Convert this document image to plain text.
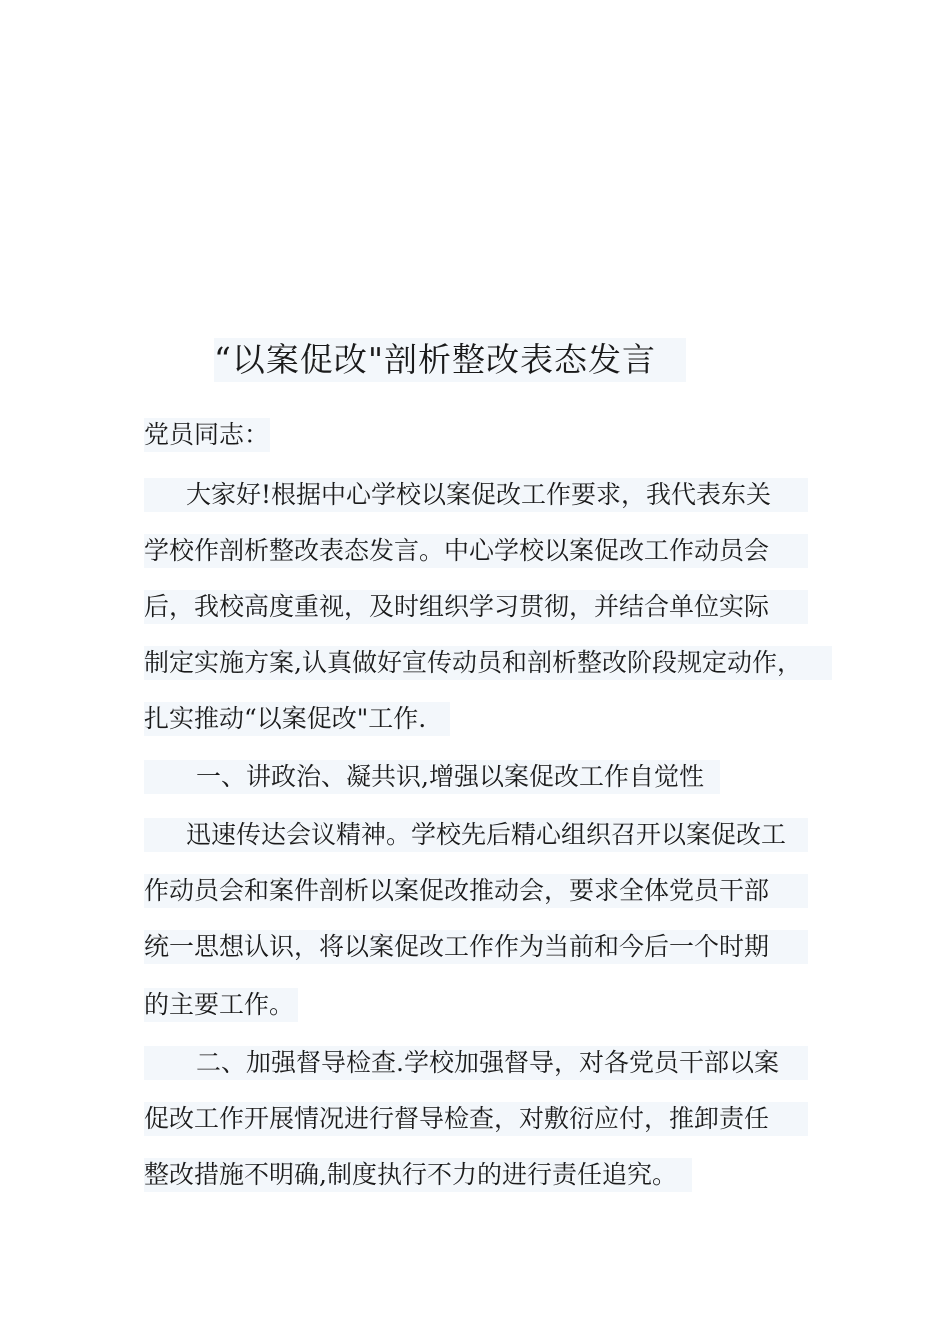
“以案促改"剖析整改表态发言
党员同志：
大家好!根据中心学校以案促改工作要求，我代表东关
学校作剖析整改表态发言。中心学校以案促改工作动员会
后，我校高度重视，及时组织学习贯彻，并结合单位实际
制定实施方案,认真做好宣传动员和剖析整改阶段规定动作，
扎实推动“以案促改"工作.
一、讲政治、凝共识,增强以案促改工作自觉性
迅速传达会议精神。学校先后精心组织召开以案促改工
作动员会和案件剖析以案促改推动会，要求全体党员干部
统一思想认识，将以案促改工作作为当前和今后一个时期
的主要工作。
二、加强督导检查.学校加强督导，对各党员干部以案
促改工作开展情况进行督导检查，对敷衍应付，推卸责任
整改措施不明确,制度执行不力的进行责任追究。
